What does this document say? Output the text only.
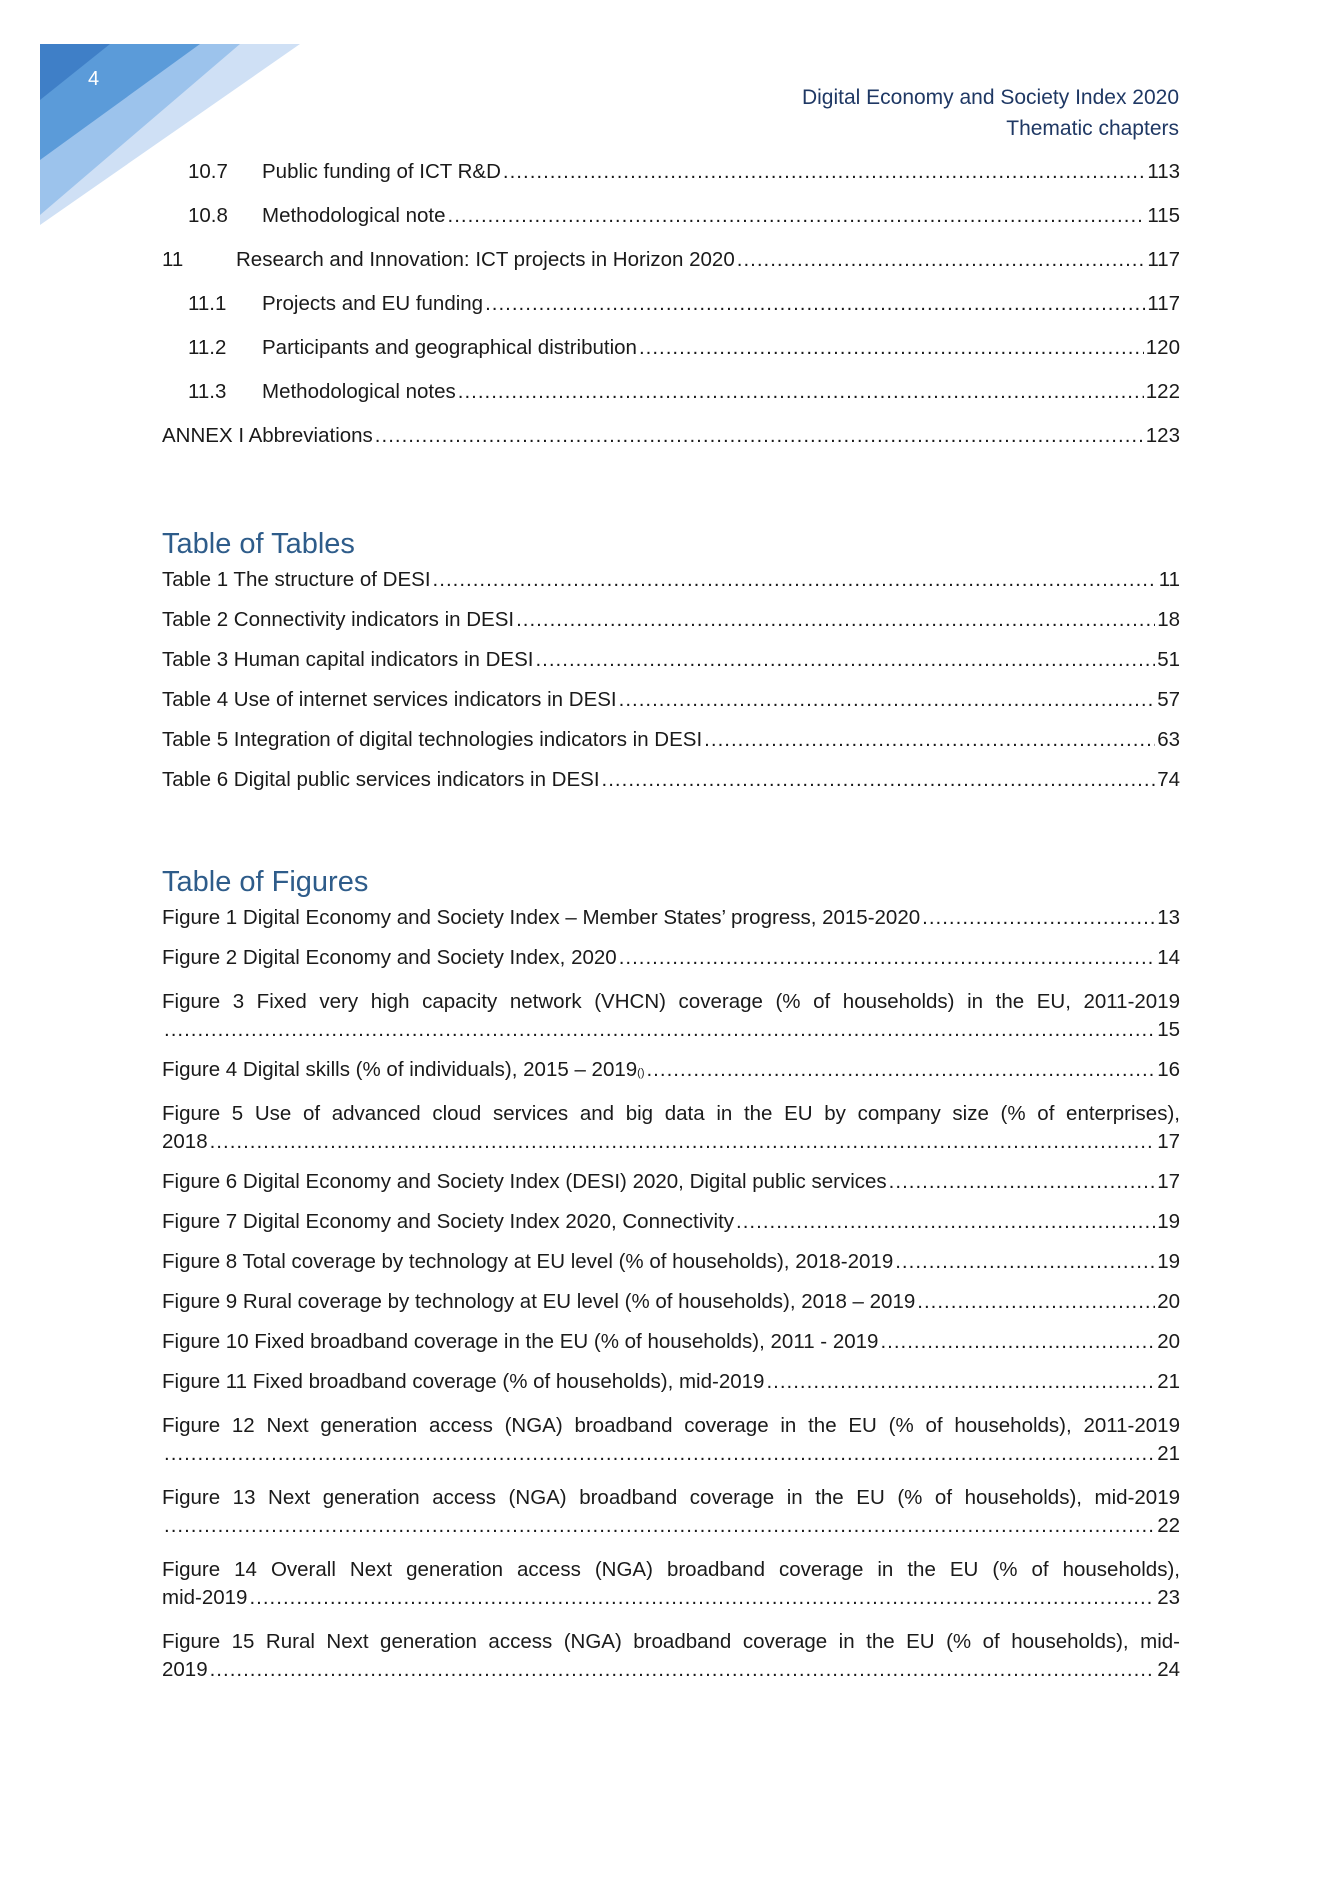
4
Digital Economy and Society Index 2020
Thematic chapters
10.7	Public funding of ICT R&D .....	113
10.8	Methodological note .....	115
11	Research and Innovation: ICT projects in Horizon 2020 .....	117
11.1	Projects and EU funding .....	117
11.2	Participants and geographical distribution .....	120
11.3	Methodological notes .....	122
ANNEX I Abbreviations .....	123
Table of Tables
Table 1 The structure of DESI .....	11
Table 2 Connectivity indicators in DESI .....	18
Table 3 Human capital indicators in DESI .....	51
Table 4 Use of internet services indicators in DESI .....	57
Table 5 Integration of digital technologies indicators in DESI .....	63
Table 6 Digital public services indicators in DESI .....	74
Table of Figures
Figure 1 Digital Economy and Society Index – Member States’ progress, 2015-2020 .....	13
Figure 2 Digital Economy and Society Index, 2020 .....	14
Figure 3 Fixed very high capacity network (VHCN) coverage (% of households) in the EU, 2011-2019
.....
15
Figure 4 Digital skills (% of individuals), 2015 – 2019 () .....	16
Figure 5 Use of advanced cloud services and big data in the EU by company size (% of enterprises),
2018 .....	17
Figure 6 Digital Economy and Society Index (DESI) 2020, Digital public services .....	17
Figure 7 Digital Economy and Society Index 2020, Connectivity .....	19
Figure 8 Total coverage by technology at EU level (% of households), 2018-2019 .....	19
Figure 9 Rural coverage by technology at EU level (% of households), 2018 – 2019 .....	20
Figure 10 Fixed broadband coverage in the EU (% of households), 2011 - 2019 .....	20
Figure 11 Fixed broadband coverage (% of households), mid-2019 .....	21
Figure 12 Next generation access (NGA) broadband coverage in the EU (% of households), 2011-2019
.....
21
Figure 13 Next generation access (NGA) broadband coverage in the EU (% of households), mid-2019
.....
22
Figure 14 Overall Next generation access (NGA) broadband coverage in the EU (% of households),
mid-2019 .....	23
Figure 15 Rural Next generation access (NGA) broadband coverage in the EU (% of households), mid-
2019 .....	24
